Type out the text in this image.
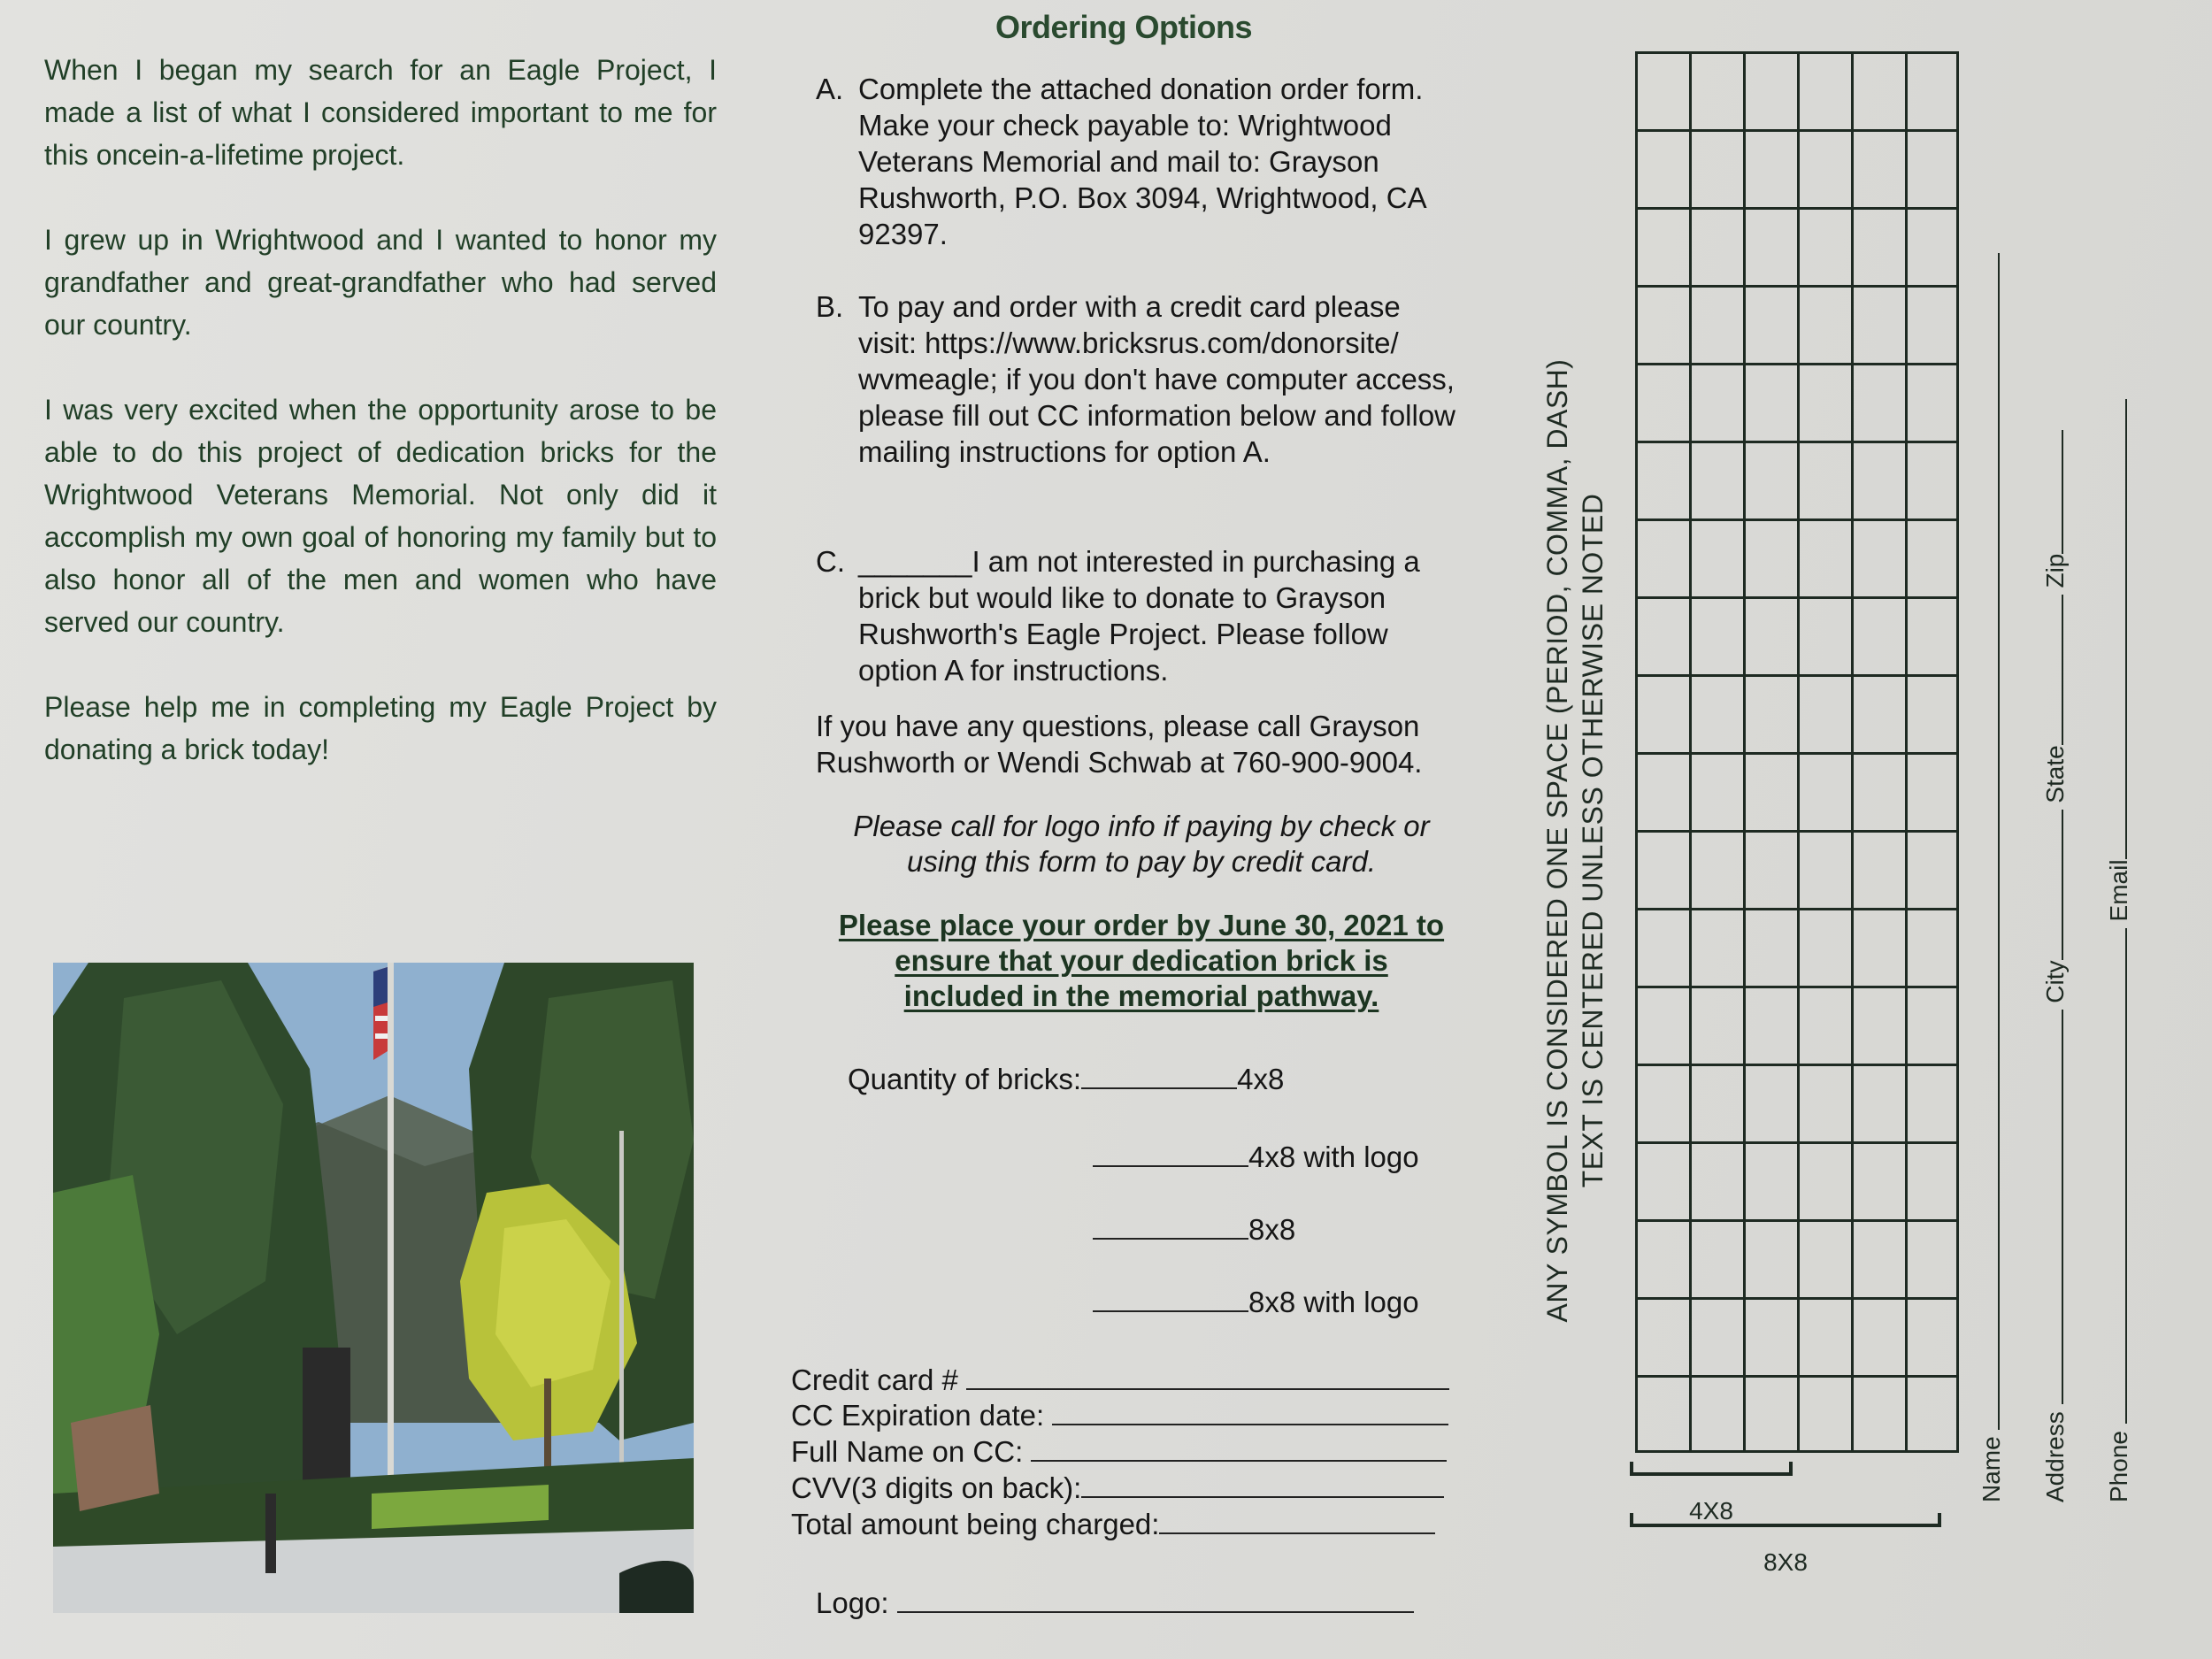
When I began my search for an Eagle Project, I made a list of what I considered important to me for this oncein-a-lifetime project.

I grew up in Wrightwood and I wanted to honor my grandfather and great-grandfather who had served our country.

I was very excited when the opportunity arose to be able to do this project of dedication bricks for the Wrightwood Veterans Memorial. Not only did it accomplish my own goal of honoring my family but to also honor all of the men and women who have served our country.

Please help me in completing my Eagle Project by donating a brick today!

Ordering Options
A. Complete the attached donation order form. Make your check payable to: Wrightwood Veterans Memorial and mail to: Grayson Rushworth, P.O. Box 3094, Wrightwood, CA 92397.
B. To pay and order with a credit card please visit: https://www.bricksrus.com/donorsite/ wvmeagle; if you don't have computer access, please fill out CC information below and follow mailing instructions for option A.
C. _______I am not interested in purchasing a brick but would like to donate to Grayson Rushworth's Eagle Project. Please follow option A for instructions.
If you have any questions, please call Grayson Rushworth or Wendi Schwab at 760-900-9004.
Please call for logo info if paying by check or using this form to pay by credit card.
Please place your order by June 30, 2021 to ensure that your dedication brick is included in the memorial pathway.
Quantity of bricks:	4x8
4x8 with logo
8x8
8x8 with logo
Credit card #
CC Expiration date:
Full Name on CC:
CVV(3 digits on back):
Total amount being charged:
Logo:
ANY SYMBOL IS CONSIDERED ONE SPACE (PERIOD, COMMA, DASH) TEXT IS CENTERED UNLESS OTHERWISE NOTED
4X8
8X8
Name Address  City State Zip
Phone  Email
